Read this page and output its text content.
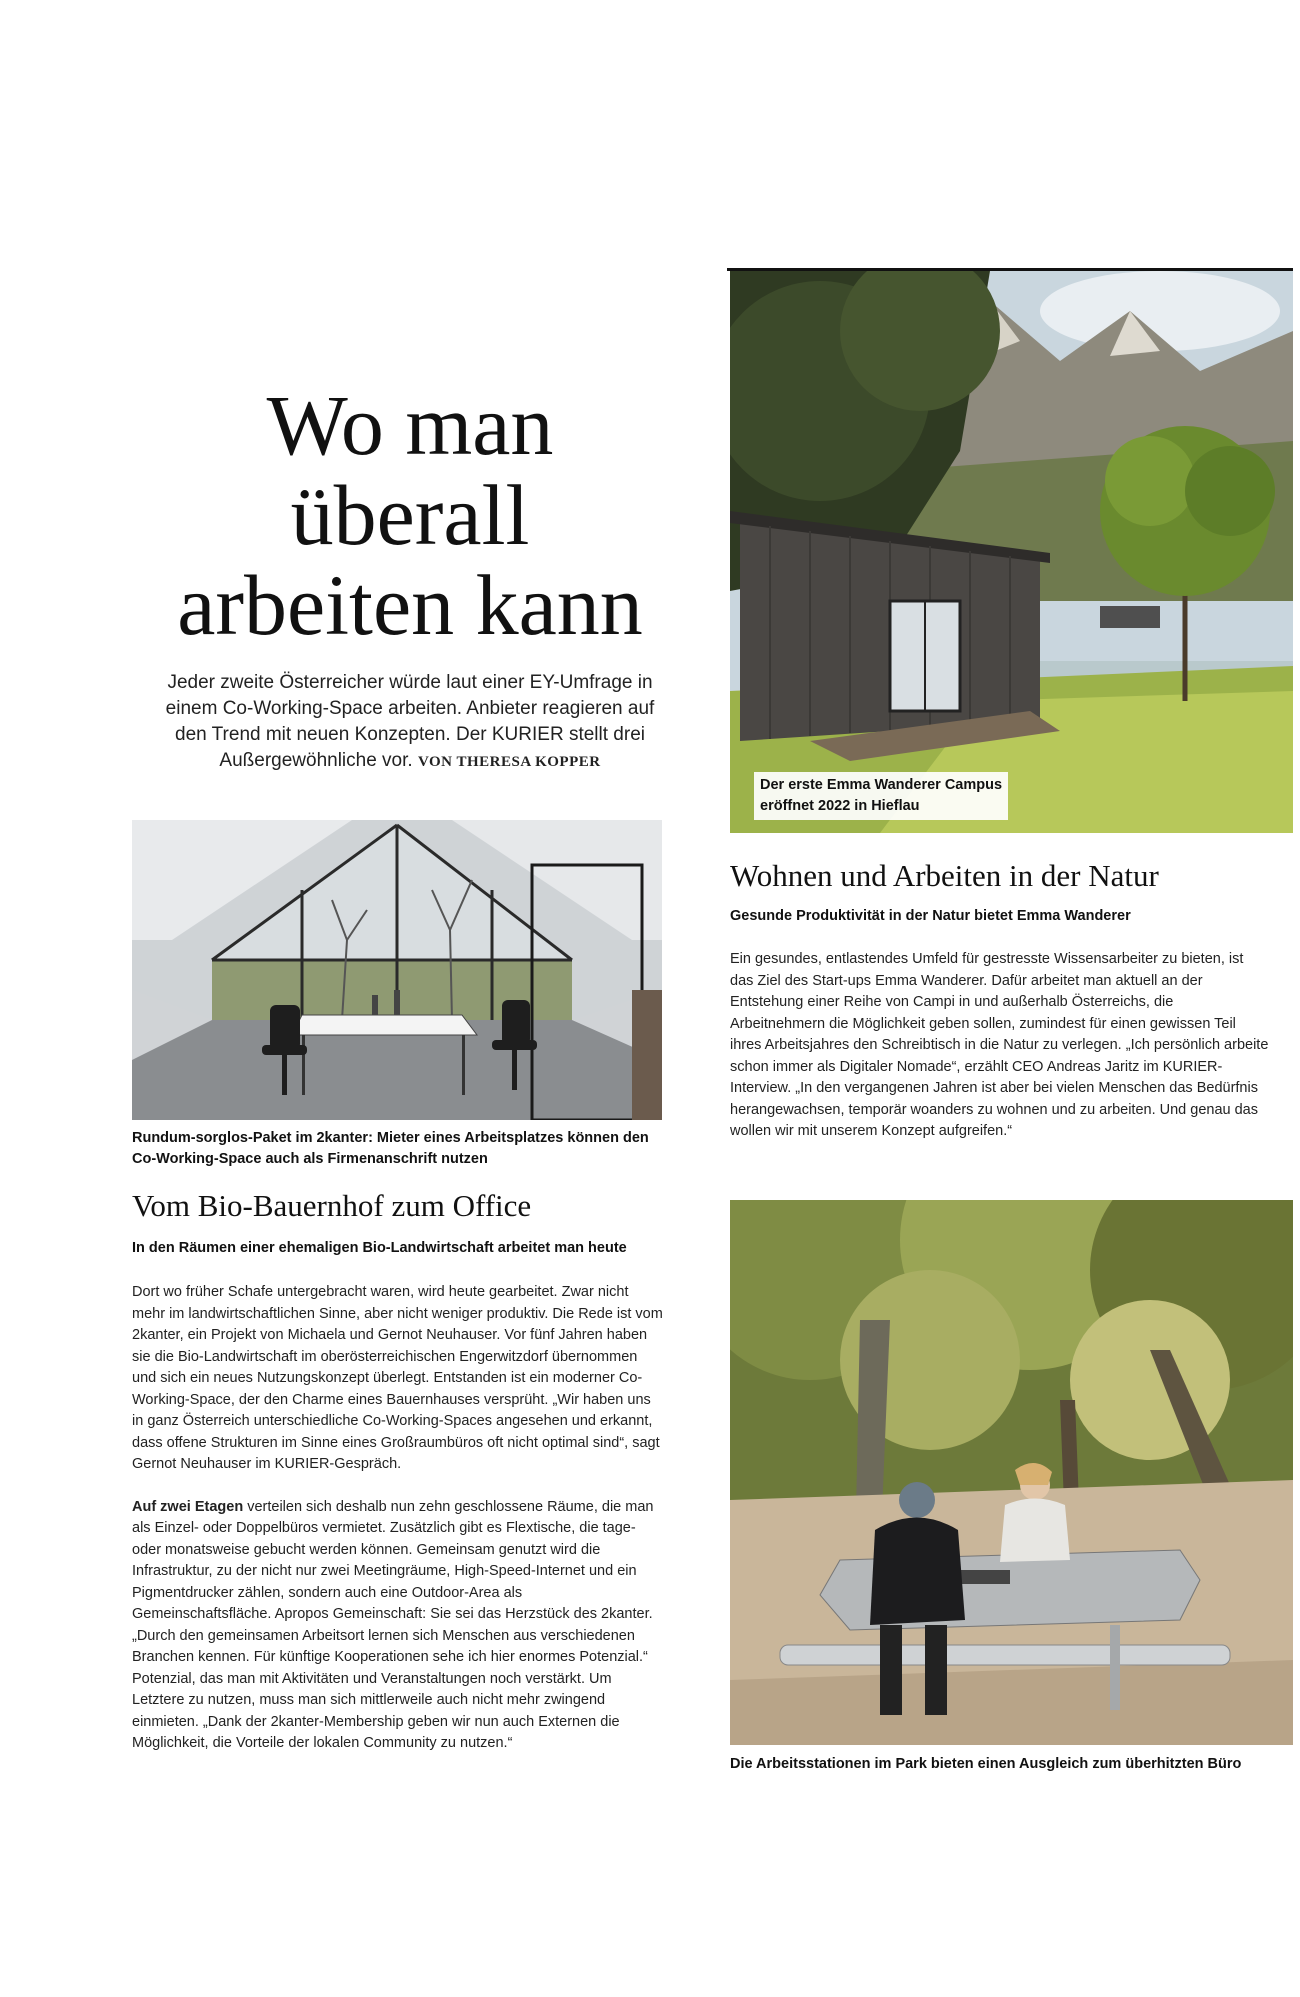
Wo man
überall
arbeiten kann
Jeder zweite Österreicher würde laut einer EY-Umfrage in einem Co-Working-Space arbeiten. Anbieter reagieren auf den Trend mit neuen Konzepten. Der KURIER stellt drei Außergewöhnliche vor. VON THERESA KOPPER
Rundum-sorglos-Paket im 2kanter: Mieter eines Arbeitsplatzes können den Co-Working-Space auch als Firmenanschrift nutzen
Vom Bio-Bauernhof zum Office
In den Räumen einer ehemaligen Bio-Landwirtschaft arbeitet man heute

Dort wo früher Schafe untergebracht waren, wird heute gearbeitet. Zwar nicht mehr im landwirtschaftlichen Sinne, aber nicht weniger produktiv. Die Rede ist vom 2kanter, ein Projekt von Michaela und Gernot Neuhauser. Vor fünf Jahren haben sie die Bio-Landwirtschaft im oberösterreichischen Engerwitzdorf übernommen und sich ein neues Nutzungskonzept überlegt. Entstanden ist ein moderner Co-Working-Space, der den Charme eines Bauernhauses versprüht. „Wir haben uns in ganz Österreich unterschiedliche Co-Working-Spaces angesehen und erkannt, dass offene Strukturen im Sinne eines Großraumbüros oft nicht optimal sind“, sagt Gernot Neuhauser im KURIER-Gespräch.

Auf zwei Etagen verteilen sich deshalb nun zehn geschlossene Räume, die man als Einzel- oder Doppelbüros vermietet. Zusätzlich gibt es Flextische, die tage- oder monatsweise gebucht werden können. Gemeinsam genutzt wird die Infrastruktur, zu der nicht nur zwei Meetingräume, High-Speed-Internet und ein Pigmentdrucker zählen, sondern auch eine Outdoor-Area als Gemeinschaftsfläche. Apropos Gemeinschaft: Sie sei das Herzstück des 2kanter. „Durch den gemeinsamen Arbeitsort lernen sich Menschen aus verschiedenen Branchen kennen. Für künftige Kooperationen sehe ich hier enormes Potenzial.“ Potenzial, das man mit Aktivitäten und Veranstaltungen noch verstärkt. Um Letztere zu nutzen, muss man sich mittlerweile auch nicht mehr zwingend einmieten. „Dank der 2kanter-Membership geben wir nun auch Externen die Möglichkeit, die Vorteile der lokalen Community zu nutzen.“

Der erste Emma Wanderer Campus
eröffnet 2022 in Hieflau
Wohnen und Arbeiten in der Natur
Gesunde Produktivität in der Natur bietet Emma Wanderer

Ein gesundes, entlastendes Umfeld für gestresste Wissensarbeiter zu bieten, ist das Ziel des Start-ups Emma Wanderer. Dafür arbeitet man aktuell an der Entstehung einer Reihe von Campi in und außerhalb Österreichs, die Arbeitnehmern die Möglichkeit geben sollen, zumindest für einen gewissen Teil ihres Arbeitsjahres den Schreibtisch in die Natur zu verlegen. „Ich persönlich arbeite schon immer als Digitaler Nomade“, erzählt CEO Andreas Jaritz im KURIER-Interview. „In den vergangenen Jahren ist aber bei vielen Menschen das Bedürfnis herangewachsen, temporär woanders zu wohnen und zu arbeiten. Und genau das wollen wir mit unserem Konzept aufgreifen.“

Die Arbeitsstationen im Park bieten einen Ausgleich zum überhitzten Büro
